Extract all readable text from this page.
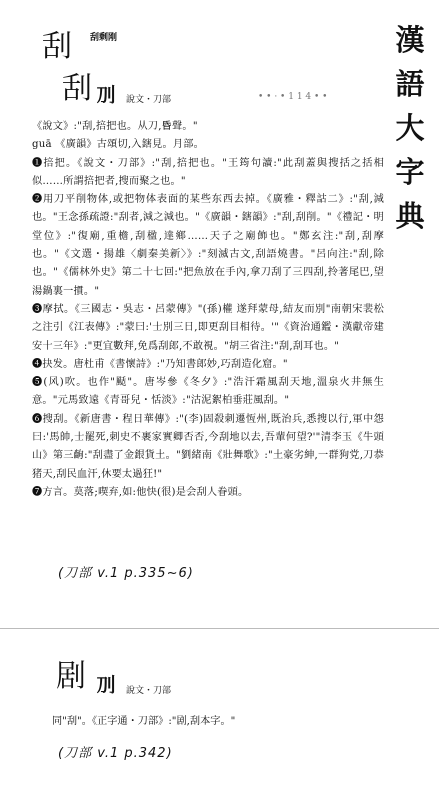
漢
語
大
字
典
刮 刮剩刚
刮 𠚥 說文・刀部	• • · • 1 1 4 • •

《說文》:"刮,掊把也。从刀,𠯑聲。"

guā 《廣韻》古頌切,入鎋見。月部。

❶掊把。《說文・刀部》:"刮,掊把也。"王筠句讀:"此刮蓋與搜括之括相似……所謂掊把者,搜而聚之也。"

❷用刀平削物体,或把物体表面的某些东西去掉。《廣雅・釋詁二》:"刮,減也。"王念孫疏證:"刮者,減之減也。"《廣韻・鎋韻》:"刮,刮削。"《禮記・明堂位》:"復廟,重檐,刮楹,達鄉……天子之廟飾也。"鄭玄注:"刮,刮摩也。"《文選・揚雄〈劇秦美新〉》:"刻滅古文,刮語燒書。"呂向注:"刮,除也。"《儒林外史》第二十七回:"把魚放在手內,拿刀刮了三四刮,拎著尾巴,望湯鍋裏一摜。"

❸摩拭。《三國志・吳志・呂蒙傳》"(孫)權 遂拜蒙母,結友而別"南朝宋裴松之注引《江表傳》:"蒙曰:'士別三日,即更刮目相待。'"《資治通鑑・漢獻帝建安十三年》:"更宜數拜,免爲刮郎,不敢視。"胡三省注:"刮,刮耳也。"

❹抉发。唐杜甫《書懷詩》:"乃知書郎妙,巧刮造化窟。"

❺(风)吹。也作"颳"。唐岑參《冬夕》:"浩汗霜風刮天地,溫泉火井無生意。"元馬致遠《青哥兒・恬淡》:"沽泥絮柏垂莊風刮。"

❻搜刮。《新唐書・程日華傳》:"(李)固殺刺遷恆州,既治兵,悉搜以行,軍中怨曰:'馬帥,士罷死,刺史不裹家實卿否否,今刮地以去,吾輩何望?'"清李玉《牛頭山》第三齣:"刮盡了金銀貨土。"劉緒南《壯舞歌》:"土豪劣紳,一群狗党,刀恭猪天,刮民血汗,休要太過狂!"

❼方言。莫落;喫弃,如:他快(很)是会刮人眷頭。

(刀部 v.1 p.335~6)
剧 𠚥 說文・刀部
同"刮"。《正字通・刀部》:"剧,刮本字。"
(刀部 v.1 p.342)
